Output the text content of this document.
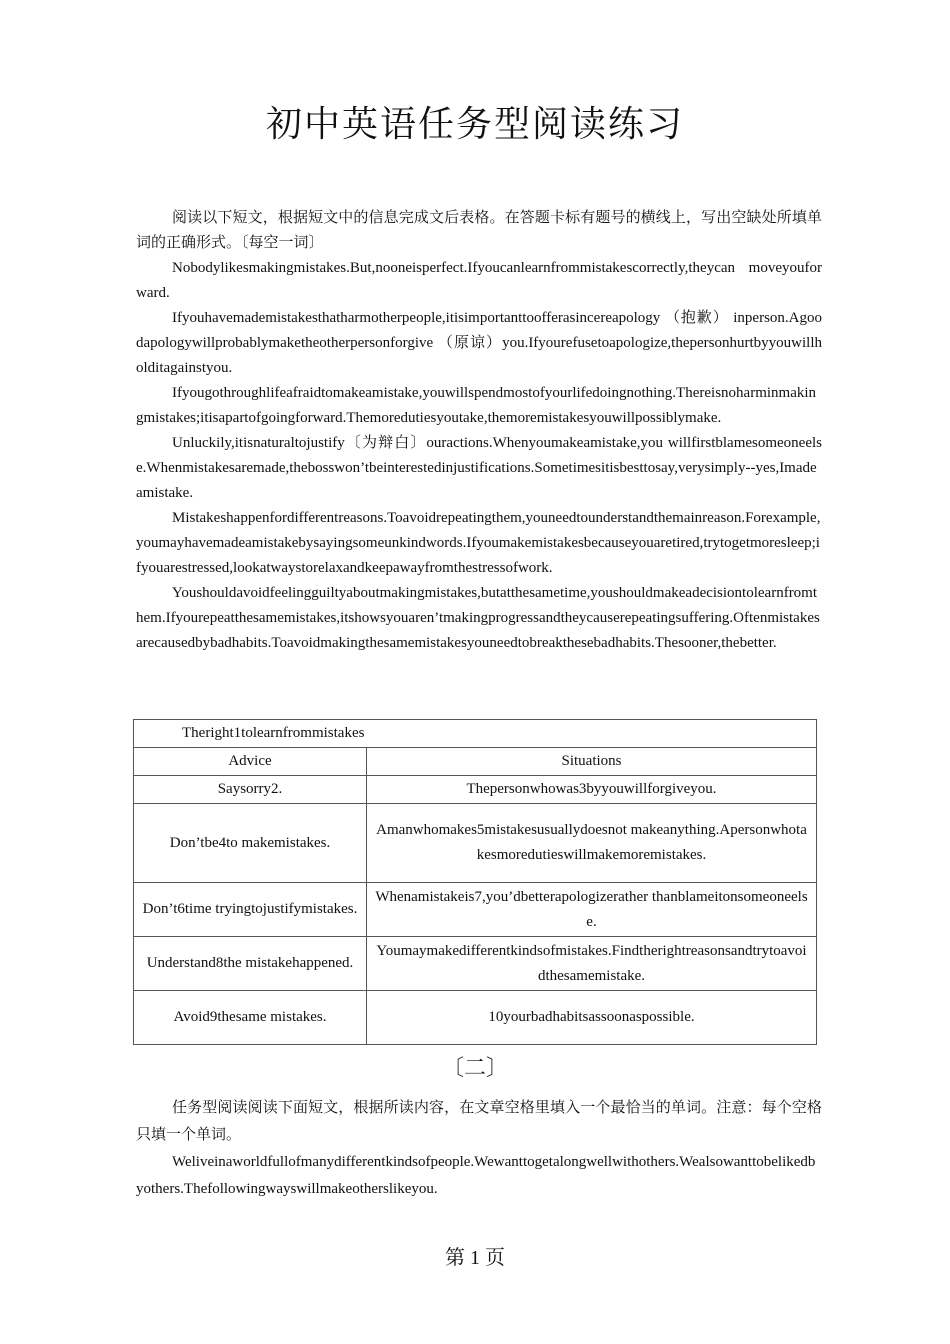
初中英语任务型阅读练习

阅读以下短文，根据短文中的信息完成文后表格。在答题卡标有题号的横线上，写出空缺处所填单词的正确形式。〔每空一词〕

Nobodylikesmakingmistakes.But,nooneisperfect.Ifyoucanlearnfrommistakescorrectly,theycan moveyouforward.

Ifyouhavemademistakesthatharmotherpeople,itisimportanttoofferasincereapology （抱歉） inperson.Agoodapologywillprobablymaketheotherpersonforgive （原谅）you.Ifyourefusetoapologize,thepersonhurtbyyouwillholditagainstyou.

Ifyougothroughlifeafraidtomakeamistake,youwillspendmostofyourlifedoingnothing.Thereisnoharminmakingmistakes;itisapartofgoingforward.Themoredutiesyoutake,themoremistakesyouwillpossiblymake.

Unluckily,itisnaturaltojustify〔为辩白〕ouractions.Whenyoumakeamistake,you willfirstblamesomeoneelse.Whenmistakesaremade,thebosswon’tbeinterestedinjustifications.Sometimesitisbesttosay,verysimply--yes,Imadeamistake.

Mistakeshappenfordifferentreasons.Toavoidrepeatingthem,youneedtounderstandthemainreason.Forexample,youmayhavemadeamistakebysayingsomeunkindwords.Ifyoumakemistakesbecauseyouaretired,trytogetmoresleep;ifyouarestressed,lookatwaystorelaxandkeepawayfromthestressofwork.

Youshouldavoidfeelingguiltyaboutmakingmistakes,butatthesametime,youshouldmakeadecisiontolearnfromthem.Ifyourepeatthesamemistakes,itshowsyouaren’tmakingprogressandtheycauserepeatingsuffering.Oftenmistakesarecausedbybadhabits.Toavoidmakingthesamemistakesyouneedtobreakthesebadhabits.Thesooner,thebetter.

Theright1tolearnfrommistakes	
Advice	Situations
Saysorry2.	Thepersonwhowas3byyouwillforgiveyou.
Don’tbe4to makemistakes.	Amanwhomakes5mistakesusuallydoesnot makeanything.Apersonwhotakesmoredutieswillmakemoremistakes.
Don’t6time tryingtojustifymistakes.	Whenamistakeis7,you’dbetterapologizerather thanblameitonsomeoneelse.
Understand8the mistakehappened.	Youmaymakedifferentkindsofmistakes.Findtherightreasonsandtrytoavoidthesamemistake.
Avoid9thesame mistakes.	10yourbadhabitsassoonaspossible.
〔二〕

任务型阅读阅读下面短文，根据所读内容，在文章空格里填入一个最恰当的单词。注意：每个空格只填一个单词。

Weliveinaworldfullofmanydifferentkindsofpeople.Wewanttogetalongwellwithothers.Wealsowanttobelikedbyothers.Thefollowingwayswillmakeotherslikeyou.

第 1 页
